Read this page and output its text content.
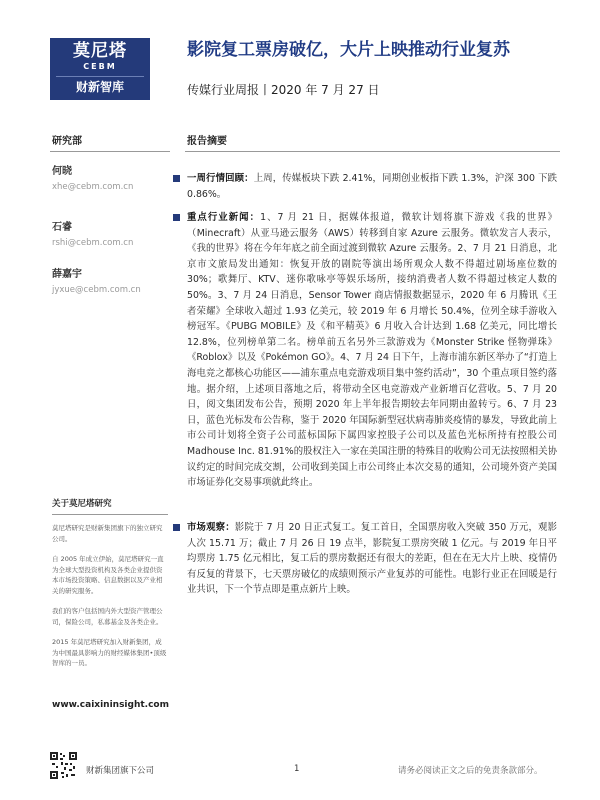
莫尼塔
CEBM
财新智库
影院复工票房破亿，大片上映推动行业复苏
传媒行业周报丨2020 年 7 月 27 日
研究部	报告摘要
何晓
xhe@cebm.com.cn
石睿
rshi@cebm.com.cn
薛嘉宇
jyxue@cebm.com.cn
关于莫尼塔研究

莫尼塔研究是财新集团旗下的独立研究公司。

自 2005 年成立伊始，莫尼塔研究一直为全球大型投资机构及各类企业提供资本市场投资策略、信息数据以及产业相关的研究服务。

我们的客户包括国内外大型资产管理公司，保险公司，私募基金及各类企业。

2015 年莫尼塔研究加入财新集团，成为中国最具影响力的财经媒体集团•顶级智库的一员。

www.caixininsight.com
一周行情回顾：上周，传媒板块下跌 2.41%，同期创业板指下跌 1.3%，沪深 300 下跌 0.86%。
重点行业新闻：1、7 月 21 日，据媒体报道，微软计划将旗下游戏《我的世界》（Minecraft）从亚马逊云服务（AWS）转移到自家 Azure 云服务。微软发言人表示，《我的世界》将在今年年底之前全面过渡到微软 Azure 云服务。2、7 月 21 日消息，北京市文旅局发出通知：恢复开放的剧院等演出场所观众人数不得超过剧场座位数的 30%；歌舞厅、KTV、迷你歌咏亭等娱乐场所，接纳消费者人数不得超过核定人数的 50%。3、7 月 24 日消息，Sensor Tower 商店情报数据显示，2020 年 6 月腾讯《王者荣耀》全球收入超过 1.93 亿美元，较 2019 年 6 月增长 50.4%，位列全球手游收入榜冠军。《PUBG MOBILE》及《和平精英》6 月收入合计达到 1.68 亿美元，同比增长 12.8%，位列榜单第二名。榜单前五名另外三款游戏为《Monster Strike 怪物弹珠》《Roblox》以及《Pokémon GO》。4、7 月 24 日下午，上海市浦东新区举办了“打造上海电竞之都核心功能区——浦东重点电竞游戏项目集中签约活动”，30 个重点项目签约落地。据介绍，上述项目落地之后，将带动全区电竞游戏产业新增百亿营收。5、7 月 20 日，阅文集团发布公告，预期 2020 年上半年报告期较去年同期由盈转亏。6、7 月 23 日，蓝色光标发布公告称，鉴于 2020 年国际新型冠状病毒肺炎疫情的暴发，导致此前上市公司计划将全资子公司蓝标国际下属四家控股子公司以及蓝色光标所持有控股公司 Madhouse Inc. 81.91%的股权注入一家在美国注册的特殊目的收购公司无法按照相关协议约定的时间完成交割，公司收到美国上市公司终止本次交易的通知，公司境外资产美国市场证券化交易事项就此终止。
市场观察：影院于 7 月 20 日正式复工。复工首日，全国票房收入突破 350 万元，观影人次 15.71 万；截止 7 月 26 日 19 点半，影院复工票房突破 1 亿元。与 2019 年日平均票房 1.75 亿元相比，复工后的票房数据还有很大的差距，但在在无大片上映、疫情仍有反复的背景下，七天票房破亿的成绩则预示产业复苏的可能性。电影行业正在回暖是行业共识，下一个节点即是重点新片上映。
财新集团旗下公司	1	请务必阅读正文之后的免责条款部分。
